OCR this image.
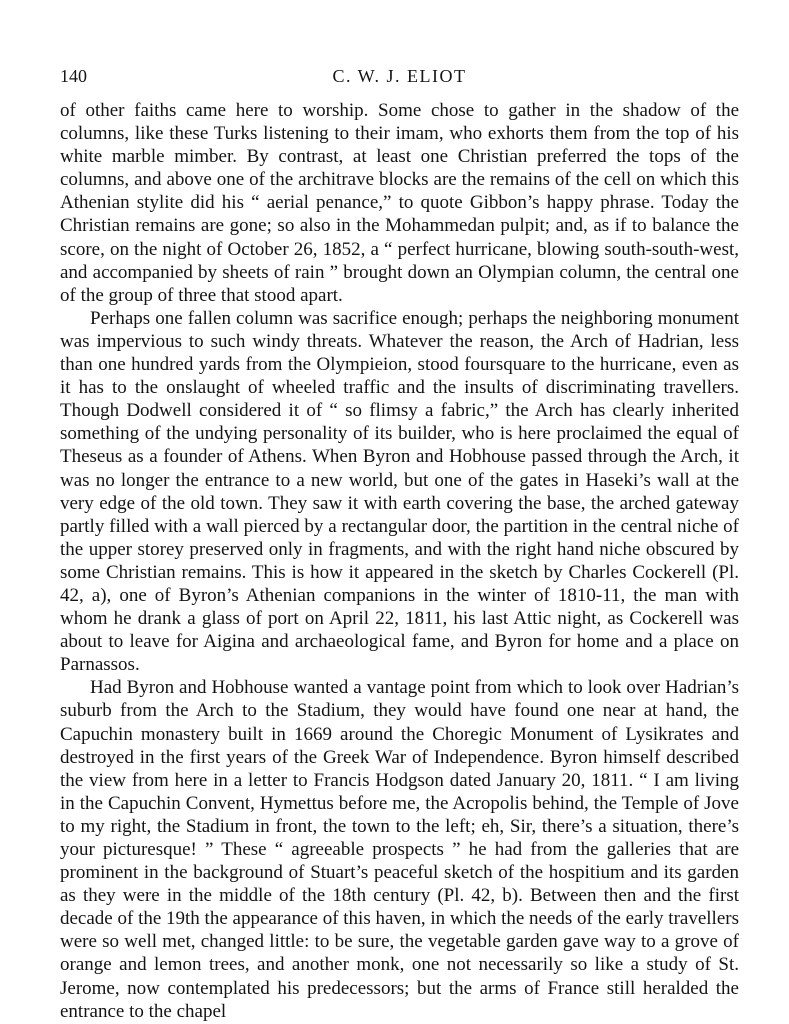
140	C. W. J. ELIOT

of other faiths came here to worship. Some chose to gather in the shadow of the columns, like these Turks listening to their imam, who exhorts them from the top of his white marble mimber. By contrast, at least one Christian preferred the tops of the columns, and above one of the architrave blocks are the remains of the cell on which this Athenian stylite did his “ aerial penance,” to quote Gibbon’s happy phrase. Today the Christian remains are gone; so also in the Mohammedan pulpit; and, as if to balance the score, on the night of October 26, 1852, a “ perfect hurricane, blowing south-south-west, and accompanied by sheets of rain ” brought down an Olympian column, the central one of the group of three that stood apart.

Perhaps one fallen column was sacrifice enough; perhaps the neighboring monument was impervious to such windy threats. Whatever the reason, the Arch of Hadrian, less than one hundred yards from the Olympieion, stood foursquare to the hurricane, even as it has to the onslaught of wheeled traffic and the insults of discriminating travellers. Though Dodwell considered it of “ so flimsy a fabric,” the Arch has clearly inherited something of the undying personality of its builder, who is here proclaimed the equal of Theseus as a founder of Athens. When Byron and Hobhouse passed through the Arch, it was no longer the entrance to a new world, but one of the gates in Haseki’s wall at the very edge of the old town. They saw it with earth covering the base, the arched gateway partly filled with a wall pierced by a rectangular door, the partition in the central niche of the upper storey preserved only in fragments, and with the right hand niche obscured by some Christian remains. This is how it appeared in the sketch by Charles Cockerell (Pl. 42, a), one of Byron’s Athenian companions in the winter of 1810-11, the man with whom he drank a glass of port on April 22, 1811, his last Attic night, as Cockerell was about to leave for Aigina and archaeological fame, and Byron for home and a place on Parnassos.

Had Byron and Hobhouse wanted a vantage point from which to look over Hadrian’s suburb from the Arch to the Stadium, they would have found one near at hand, the Capuchin monastery built in 1669 around the Choregic Monument of Lysikrates and destroyed in the first years of the Greek War of Independence. Byron himself described the view from here in a letter to Francis Hodgson dated January 20, 1811. “ I am living in the Capuchin Convent, Hymettus before me, the Acropolis behind, the Temple of Jove to my right, the Stadium in front, the town to the left; eh, Sir, there’s a situation, there’s your picturesque! ” These “ agreeable prospects ” he had from the galleries that are prominent in the background of Stuart’s peaceful sketch of the hospitium and its garden as they were in the middle of the 18th century (Pl. 42, b). Between then and the first decade of the 19th the appearance of this haven, in which the needs of the early travellers were so well met, changed little: to be sure, the vegetable garden gave way to a grove of orange and lemon trees, and another monk, one not necessarily so like a study of St. Jerome, now contemplated his predecessors; but the arms of France still heralded the entrance to the chapel
